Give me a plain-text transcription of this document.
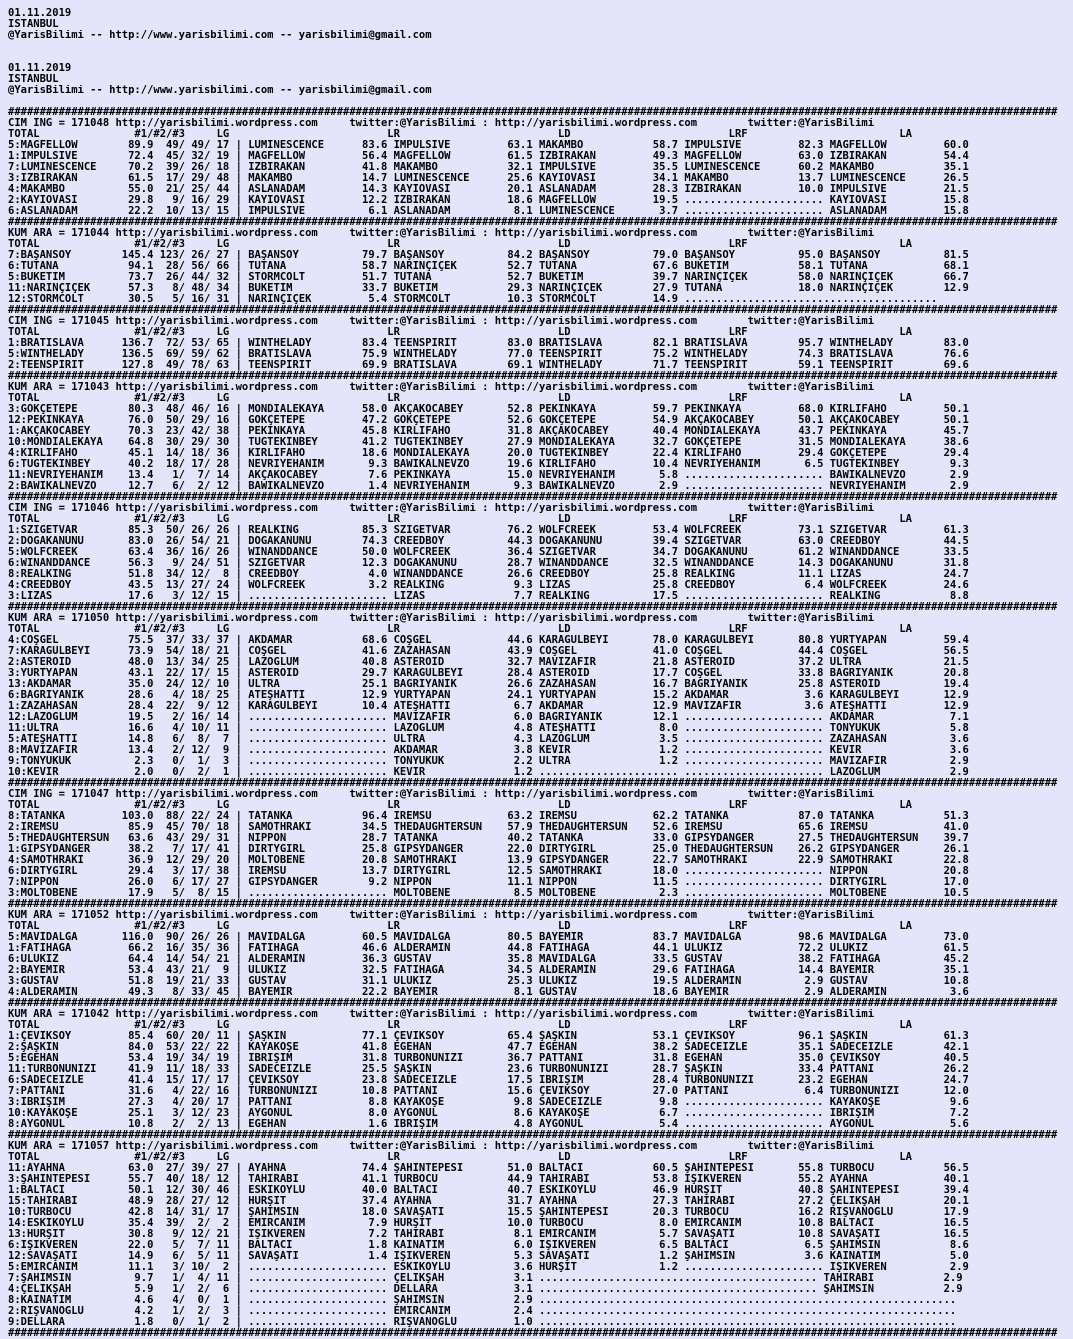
01.11.2019
ISTANBUL
@YarisBilimi -- http://www.yarisbilimi.com -- yarisbilimi@gmail.com
01.11.2019
ISTANBUL
@YarisBilimi -- http://www.yarisbilimi.com -- yarisbilimi@gmail.com
######################################################################################################################################################################
CIM ING = 171048 http://yarisbilimi.wordpress.com     twitter:@YarisBilimi : http://yarisbilimi.wordpress.com        twitter:@YarisBilimi
TOTAL               #1/#2/#3     LG                         LR                         LD                         LRF                        LA
5:MAGFELLOW        89.9  49/ 49/ 17 | LUMINESCENCE      83.6 IMPULSIVE         63.1 MAKAMBO           58.7 IMPULSIVE         82.3 MAGFELLOW         60.0
1:IMPULSIVE        72.4  45/ 32/ 19 | MAGFELLOW         56.4 MAGFELLOW         61.5 İZBIRAKAN         49.3 MAGFELLOW         63.0 İZBIRAKAN         54.4
7:LUMINESCENCE     70.2  39/ 26/ 18 | İZBIRAKAN         41.8 MAKAMBO           32.1 IMPULSIVE         35.5 LUMINESCENCE      60.2 MAKAMBO           35.1
3:İZBIRAKAN        61.5  17/ 29/ 48 | MAKAMBO           14.7 LUMINESCENCE      25.6 KAYIOVASI         34.1 MAKAMBO           13.7 LUMINESCENCE      26.5
4:MAKAMBO          55.0  21/ 25/ 44 | ASLANADAM         14.3 KAYIOVASI         20.1 ASLANADAM         28.3 İZBIRAKAN         10.0 IMPULSIVE         21.5
2:KAYIOVASI        29.8   9/ 16/ 29 | KAYIOVASI         12.2 İZBIRAKAN         18.6 MAGFELLOW         19.5 ...................... KAYIOVASI         15.8
6:ASLANADAM        22.2  10/ 13/ 15 | IMPULSIVE          6.1 ASLANADAM          8.1 LUMINESCENCE       3.7 ...................... ASLANADAM         15.8
######################################################################################################################################################################
KUM ARA = 171044 http://yarisbilimi.wordpress.com     twitter:@YarisBilimi : http://yarisbilimi.wordpress.com        twitter:@YarisBilimi
TOTAL               #1/#2/#3     LG                         LR                         LD                         LRF                        LA
7:BAŞANSOY        145.4 123/ 26/ 27 | BAŞANSOY          79.7 BAŞANSOY          84.2 BAŞANSOY          79.0 BAŞANSOY          95.0 BAŞANSOY          81.5
6:TUTANA           94.1  28/ 56/ 66 | TUTANA            58.7 NARİNÇİÇEK        52.7 TUTANA            67.6 BUKETİM           58.1 TUTANA            68.1
5:BUKETİM          73.7  26/ 44/ 32 | STORMCOLT         51.7 TUTANA            52.7 BUKETİM           39.7 NARİNÇİÇEK        58.0 NARİNÇİÇEK        66.7
11:NARİNÇİÇEK      57.3   8/ 48/ 34 | BUKETİM           33.7 BUKETİM           29.3 NARİNÇİÇEK        27.9 TUTANA            18.0 NARİNÇİÇEK        12.9
12:STORMCOLT       30.5   5/ 16/ 31 | NARİNÇİÇEK         5.4 STORMCOLT         10.3 STORMCOLT         14.9 ........................................
######################################################################################################################################################################
CIM ING = 171045 http://yarisbilimi.wordpress.com     twitter:@YarisBilimi : http://yarisbilimi.wordpress.com        twitter:@YarisBilimi
TOTAL               #1/#2/#3     LG                         LR                         LD                         LRF                        LA
1:BRATİSLAVA      136.7  72/ 53/ 65 | WINTHELADY        83.4 TEENSPIRIT        83.0 BRATİSLAVA        82.1 BRATİSLAVA        95.7 WINTHELADY        83.0
5:WINTHELADY      136.5  69/ 59/ 62 | BRATİSLAVA        75.9 WINTHELADY        77.0 TEENSPIRIT        75.2 WINTHELADY        74.3 BRATİSLAVA        76.6
2:TEENSPIRIT      127.8  49/ 78/ 63 | TEENSPIRIT        69.9 BRATİSLAVA        69.1 WINTHELADY        71.7 TEENSPIRIT        59.1 TEENSPIRIT        69.6
######################################################################################################################################################################
KUM ARA = 171043 http://yarisbilimi.wordpress.com     twitter:@YarisBilimi : http://yarisbilimi.wordpress.com        twitter:@YarisBilimi
TOTAL               #1/#2/#3     LG                         LR                         LD                         LRF                        LA
3:GÖKÇETEPE        80.3  48/ 46/ 16 | MONDIALEKAYA      58.0 AKÇAKOCABEY       52.8 PEKİNKAYA         59.7 PEKİNKAYA         68.0 KIRLIFAHO         50.1
12:PEKİNKAYA       76.0  50/ 29/ 16 | GÖKÇETEPE         47.2 GÖKÇETEPE         52.6 GÖKÇETEPE         54.9 AKÇAKOCABEY       50.1 AKÇAKOCABEY       50.1
1:AKÇAKOCABEY      70.3  23/ 42/ 38 | PEKİNKAYA         45.8 KIRLIFAHO         31.8 AKÇAKOCABEY       40.4 MONDIALEKAYA      43.7 PEKİNKAYA         45.7
10:MONDIALEKAYA    64.8  30/ 29/ 30 | TUĞTEKİNBEY       41.2 TUĞTEKİNBEY       27.9 MONDIALEKAYA      32.7 GÖKÇETEPE         31.5 MONDIALEKAYA      38.6
4:KIRLIFAHO        45.1  14/ 18/ 36 | KIRLIFAHO         18.6 MONDIALEKAYA      20.0 TUĞTEKİNBEY       22.4 KIRLIFAHO         29.4 GÖKÇETEPE         29.4
6:TUĞTEKİNBEY      40.2  18/ 17/ 28 | NEVRİYEHANIM       9.3 BAWIKALNEVZO      19.6 KIRLIFAHO         10.4 NEVRİYEHANIM       6.5 TUĞTEKİNBEY        9.3
11:NEVRİYEHANIM    13.4   1/  7/ 14 | AKÇAKOCABEY        7.6 PEKİNKAYA         15.0 NEVRİYEHANIM       5.8 ...................... BAWIKALNEVZO       2.9
2:BAWIKALNEVZO     12.7   6/  2/ 12 | BAWIKALNEVZO       1.4 NEVRİYEHANIM       9.3 BAWIKALNEVZO       2.9 ...................... NEVRİYEHANIM       2.9
######################################################################################################################################################################
CIM ING = 171046 http://yarisbilimi.wordpress.com     twitter:@YarisBilimi : http://yarisbilimi.wordpress.com        twitter:@YarisBilimi
TOTAL               #1/#2/#3     LG                         LR                         LD                         LRF                        LA
1:SZIGETVAR        85.3  50/ 26/ 26 | REALKING          85.3 SZIGETVAR         76.2 WOLFCREEK         53.4 WOLFCREEK         73.1 SZIGETVAR         61.3
2:DOĞAKANUNU       83.0  26/ 54/ 21 | DOĞAKANUNU        74.3 CREEDBOY          44.3 DOĞAKANUNU        39.4 SZIGETVAR         63.0 CREEDBOY          44.5
5:WOLFCREEK        63.4  36/ 16/ 26 | WINANDDANCE       50.0 WOLFCREEK         36.4 SZIGETVAR         34.7 DOĞAKANUNU        61.2 WINANDDANCE       33.5
6:WINANDDANCE      56.3   9/ 24/ 51 | SZIGETVAR         12.3 DOĞAKANUNU        28.7 WINANDDANCE       32.5 WINANDDANCE       14.3 DOĞAKANUNU        31.8
8:REALKING         51.8  34/ 12/  8 | CREEDBOY           4.0 WINANDDANCE       26.6 CREEDBOY          25.8 REALKING          11.1 LİZAS             24.7
4:CREEDBOY         43.5  13/ 27/ 24 | WOLFCREEK          3.2 REALKING           9.3 LİZAS             25.8 CREEDBOY           6.4 WOLFCREEK         24.6
3:LİZAS            17.6   3/ 12/ 15 | ...................... LİZAS              7.7 REALKING          17.5 ...................... REALKING           8.8
######################################################################################################################################################################
KUM ARA = 171050 http://yarisbilimi.wordpress.com     twitter:@YarisBilimi : http://yarisbilimi.wordpress.com        twitter:@YarisBilimi
TOTAL               #1/#2/#3     LG                         LR                         LD                         LRF                        LA
4:COŞGEL           75.5  37/ 33/ 37 | AKDAMAR           68.6 COŞGEL            44.6 KARAGÜLBEYİ       78.0 KARAGÜLBEYİ       80.8 YURTYAPAN         59.4
7:KARAGÜLBEYİ      73.9  54/ 18/ 21 | COŞGEL            41.6 ZAZAHASAN         43.9 COŞGEL            41.0 COŞGEL            44.4 COŞGEL            56.5
2:ASTEROİD         48.0  13/ 34/ 25 | LAZOĞLUM          40.8 ASTEROİD          32.7 MAVİZAFİR         21.8 ASTEROİD          37.2 ULTRA             21.5
3:YURTYAPAN        43.1  22/ 17/ 15 | ASTEROİD          29.7 KARAGÜLBEYİ       28.4 ASTEROİD          17.7 COŞGEL            33.8 BAĞRIYANIK        20.8
13:AKDAMAR         35.0  24/ 12/ 10 | ULTRA             25.1 BAĞRIYANIK        26.6 ZAZAHASAN         16.7 BAĞRIYANIK        25.8 ASTEROİD          19.4
6:BAĞRIYANIK       28.6   4/ 18/ 25 | ATEŞHATTI         12.9 YURTYAPAN         24.1 YURTYAPAN         15.2 AKDAMAR            3.6 KARAGÜLBEYİ       12.9
1:ZAZAHASAN        28.4  22/  9/ 12 | KARAGÜLBEYİ       10.4 ATEŞHATTI          6.7 AKDAMAR           12.9 MAVİZAFİR          3.6 ATEŞHATTI         12.9
12:LAZOĞLUM        19.5   2/ 16/ 14 | ...................... MAVİZAFİR          6.0 BAĞRIYANIK        12.1 ...................... AKDAMAR            7.1
11:ULTRA           16.6   4/ 10/ 11 | ...................... LAZOĞLUM           4.8 ATEŞHATTI          8.0 ...................... TONYUKUK           5.8
5:ATEŞHATTI        14.8   6/  8/  7 | ...................... ULTRA              4.3 LAZOĞLUM           3.5 ...................... ZAZAHASAN          3.6
8:MAVİZAFİR        13.4   2/ 12/  9 | ...................... AKDAMAR            3.8 KEVİR              1.2 ...................... KEVİR              3.6
9:TONYUKUK          2.3   0/  1/  3 | ...................... TONYUKUK           2.2 ULTRA              1.2 ...................... MAVİZAFİR          2.9
10:KEVİR            2.0   0/  2/  1 | ...................... KEVİR              1.2 ...................... ...................... LAZOĞLUM           2.9
######################################################################################################################################################################
CIM ING = 171047 http://yarisbilimi.wordpress.com     twitter:@YarisBilimi : http://yarisbilimi.wordpress.com        twitter:@YarisBilimi
TOTAL               #1/#2/#3     LG                         LR                         LD                         LRF                        LA
8:TATANKA         103.0  88/ 22/ 24 | TATANKA           96.4 İREMSU            63.2 İREMSU            62.2 TATANKA           87.0 TATANKA           51.3
2:İREMSU           85.9  45/ 70/ 18 | SAMOTHRAKI        34.5 THEDAUGHTERSUN    57.9 THEDAUGHTERSUN    52.6 İREMSU            65.6 İREMSU            41.0
5:THEDAUGHTERSUN   63.6  43/ 29/ 31 | NIPPON            28.7 TATANKA           40.2 TATANKA           33.0 GIPSYDANGER       27.5 THEDAUGHTERSUN    39.7
1:GIPSYDANGER      38.2   7/ 17/ 41 | DIRTYGIRL         25.8 GIPSYDANGER       22.0 DIRTYGIRL         25.0 THEDAUGHTERSUN    26.2 GIPSYDANGER       26.1
4:SAMOTHRAKI       36.9  12/ 29/ 20 | MOLTOBENE         20.8 SAMOTHRAKI        13.9 GIPSYDANGER       22.7 SAMOTHRAKI        22.9 SAMOTHRAKI        22.8
6:DIRTYGIRL        29.4   3/ 17/ 38 | İREMSU            13.7 DIRTYGIRL         12.5 SAMOTHRAKI        18.0 ...................... NIPPON            20.8
7:NIPPON           26.0   6/ 17/ 27 | GIPSYDANGER        9.2 NIPPON            11.1 NIPPON            11.5 ...................... DIRTYGIRL         17.0
3:MOLTOBENE        17.9   5/  8/ 15 | ...................... MOLTOBENE          8.5 MOLTOBENE          2.3 ...................... MOLTOBENE         10.5
######################################################################################################################################################################
KUM ARA = 171052 http://yarisbilimi.wordpress.com     twitter:@YarisBilimi : http://yarisbilimi.wordpress.com        twitter:@YarisBilimi
TOTAL               #1/#2/#3     LG                         LR                         LD                         LRF                        LA
5:MAVİDALGA       116.0  90/ 26/ 26 | MAVİDALGA         60.5 MAVİDALGA         80.5 BAYEMİR           83.7 MAVİDALGA         98.6 MAVİDALGA         73.0
1:FATİHAĞA         66.2  16/ 35/ 36 | FATİHAĞA          46.6 ALDERAMİN         44.8 FATİHAĞA          44.1 ULUKIZ            72.2 ULUKIZ            61.5
6:ULUKIZ           64.4  14/ 54/ 21 | ALDERAMİN         36.3 GUSTAV            35.8 MAVİDALGA         33.5 GUSTAV            38.2 FATİHAĞA          45.2
2:BAYEMİR          53.4  43/ 21/  9 | ULUKIZ            32.5 FATİHAĞA          34.5 ALDERAMİN         29.6 FATİHAĞA          14.4 BAYEMİR           35.1
3:GUSTAV           51.8  19/ 21/ 33 | GUSTAV            31.1 ULUKIZ            25.3 ULUKIZ            19.5 ALDERAMİN          2.9 GUSTAV            10.8
4:ALDERAMİN        49.3   8/ 33/ 45 | BAYEMİR           22.2 BAYEMİR            8.1 GUSTAV            18.6 BAYEMİR            2.9 ALDERAMİN          3.6
######################################################################################################################################################################
KUM ARA = 171042 http://yarisbilimi.wordpress.com     twitter:@YarisBilimi : http://yarisbilimi.wordpress.com        twitter:@YarisBilimi
TOTAL               #1/#2/#3     LG                         LR                         LD                         LRF                        LA
1:ÇEVİKSOY         85.4  60/ 20/ 11 | ŞAŞKIN            77.1 ÇEVİKSOY          65.4 ŞAŞKIN            53.1 ÇEVİKSOY          96.1 ŞAŞKIN            61.3
2:ŞAŞKIN           84.0  53/ 22/ 22 | KAYAKÖŞE          41.8 EGEHAN            47.7 EGEHAN            38.2 SADECEİZLE        35.1 SADECEİZLE        42.1
5:EGEHAN           53.4  19/ 34/ 19 | İBRİŞİM           31.8 TURBONUNİZİ       36.7 PATTANİ           31.8 EGEHAN            35.0 ÇEVİKSOY          40.5
11:TURBONUNİZİ     41.9  11/ 18/ 33 | SADECEİZLE        25.5 ŞAŞKIN            23.6 TURBONUNİZİ       28.7 ŞAŞKIN            33.4 PATTANİ           26.2
6:SADECEİZLE       41.4  15/ 17/ 17 | ÇEVİKSOY          23.8 SADECEİZLE        17.5 İBRİŞİM           28.4 TURBONUNİZİ       23.2 EGEHAN            24.7
7:PATTANİ          31.6   4/ 22/ 16 | TURBONUNİZİ       10.8 PATTANİ           15.6 ÇEVİKSOY          27.0 PATTANİ            6.4 TURBONUNİZİ       12.0
3:İBRİŞİM          27.3   4/ 20/ 17 | PATTANİ            8.8 KAYAKÖŞE           9.8 SADECEİZLE         9.8 ...................... KAYAKÖŞE           9.6
10:KAYAKÖŞE        25.1   3/ 12/ 23 | AYGÖNÜL            8.0 AYGÖNÜL            8.6 KAYAKÖŞE           6.7 ...................... İBRİŞİM            7.2
8:AYGÖNÜL          10.8   2/  2/ 13 | EGEHAN             1.6 İBRİŞİM            4.8 AYGÖNÜL            5.4 ...................... AYGÖNÜL            5.6
######################################################################################################################################################################
KUM ARA = 171057 http://yarisbilimi.wordpress.com     twitter:@YarisBilimi : http://yarisbilimi.wordpress.com        twitter:@YarisBilimi
TOTAL               #1/#2/#3     LG                         LR                         LD                         LRF                        LA
11:AYAHNA          63.0  27/ 39/ 27 | AYAHNA            74.4 ŞAHİNTEPESİ       51.0 BALTACI           60.5 ŞAHİNTEPESİ       55.8 TURBOCU           56.5
3:ŞAHİNTEPESİ      55.7  40/ 18/ 12 | TAHİRABİ          41.1 TURBOCU           44.9 TAHİRABİ          53.8 İŞİKVEREN         55.2 AYAHNA            40.1
1:BALTACI          50.1  12/ 30/ 46 | ESKİKOYLÜ         40.0 BALTACI           40.7 ESKİKOYLÜ         46.9 HURŞİT            40.8 ŞAHİNTEPESİ       39.4
15:TAHİRABİ        48.9  28/ 27/ 12 | HURŞİT            37.4 AYAHNA            31.7 AYAHNA            27.3 TAHİRABİ          27.2 ÇELİKŞAH          20.1
10:TURBOCU         42.8  14/ 31/ 17 | ŞAHİMSIN          18.0 SAVAŞATI          15.5 ŞAHİNTEPESİ       20.3 TURBOCU           16.2 RİŞVANOĞLU        17.9
14:ESKİKOYLÜ       35.4  39/  2/  2 | EMİRCANIM          7.9 HURŞİT            10.0 TURBOCU            8.0 EMİRCANIM         10.8 BALTACI           16.5
13:HURŞİT          30.8   9/ 12/ 21 | İŞİKVEREN          7.2 TAHİRABİ           8.1 EMİRCANIM          5.7 SAVAŞATI          10.8 SAVAŞATI          16.5
6:İŞİKVEREN        22.0   5/  7/ 11 | BALTACI            1.8 KAINATIM           6.0 İŞİKVEREN          6.5 BALTACI            6.5 ŞAHİMSIN           8.6
12:SAVAŞATI        14.9   6/  5/ 11 | SAVAŞATI           1.4 İŞİKVEREN          5.3 SAVAŞATI           1.2 ŞAHİMSIN           3.6 KAINATIM           5.0
5:EMİRCANIM        11.1   3/ 10/  2 | ...................... ESKİKOYLÜ          3.6 HURŞİT             1.2 ...................... İŞİKVEREN          2.9
7:ŞAHİMSIN          9.7   1/  4/ 11 | ...................... ÇELİKŞAH           3.1 ............................................ TAHİRABİ           2.9
4:ÇELİKŞAH          5.9   1/  2/  6 | ...................... DELLARA            3.1 ............................................ ŞAHİMSIN           2.9
8:KAINATIM          4.6   4/  0/  1 | ...................... ŞAHİMSIN           2.9 ..................................................................
2:RİŞVANOĞLU        4.2   1/  2/  3 | ...................... EMİRCANIM          2.4 ..................................................................
9:DELLARA           1.8   0/  1/  2 | ...................... RİŞVANOĞLU         1.0 ..................................................................
######################################################################################################################################################################
